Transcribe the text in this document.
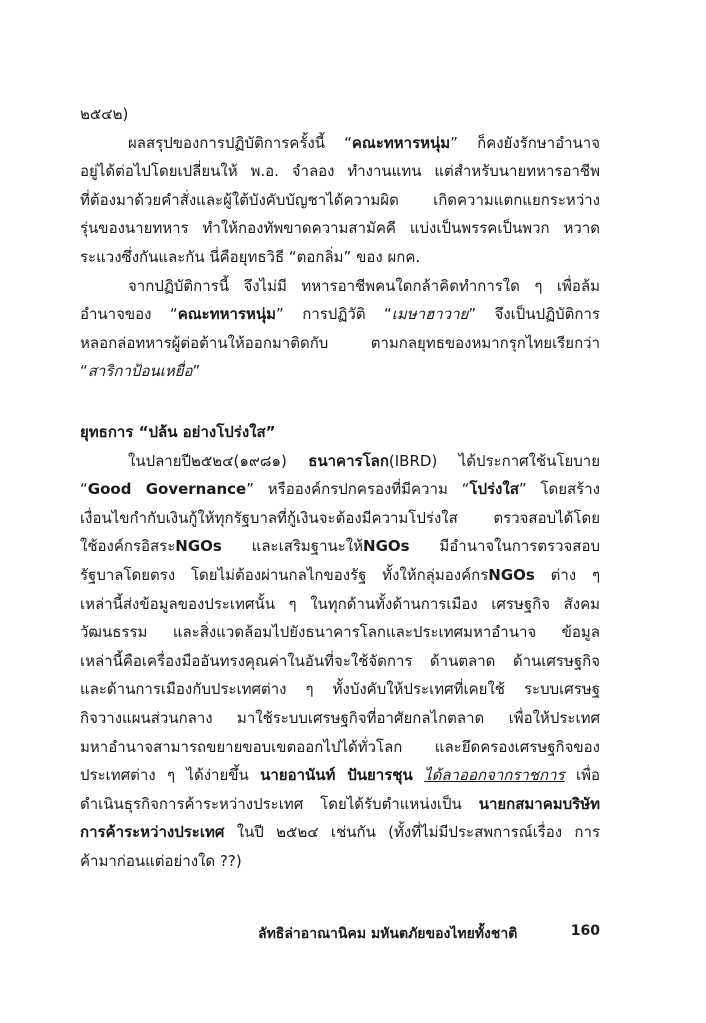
๒๕๔๒)
ผลสรุปของการปฏิบัติการครั้งนี้ “คณะทหารหนุ่ม” ก็คงยังรักษาอำนาจ
อยู่ได้ต่อไปโดยเปลี่ยนให้ พ.อ. จำลอง ทำงานแทน แต่สำหรับนายทหารอาชีพ
ที่ต้องมาด้วยคำสั่งและผู้ใต้บังคับบัญชาได้ความผิด เกิดความแตกแยกระหว่าง
รุ่นของนายทหาร ทำให้กองทัพขาดความสามัคคี แบ่งเป็นพรรคเป็นพวก หวาด
ระแวงซึ่งกันและกัน นี่คือยุทธวิธี “ตอกลิ่ม” ของ ผกค.
จากปฏิบัติการนี้ จึงไม่มี ทหารอาชีพคนใดกล้าคิดทำการใด ๆ เพื่อล้ม
อำนาจของ “คณะทหารหนุ่ม” การปฏิวัติ “เมษาฮาวาย” จึงเป็นปฏิบัติการ
หลอกล่อทหารผู้ต่อต้านให้ออกมาติดกับ ตามกลยุทธของหมากรุกไทยเรียกว่า
“สาริกาป้อนเหยื่อ”
ยุทธการ “ปล้น อย่างโปร่งใส”
ในปลายปี๒๕๒๔(๑๙๘๑) ธนาคารโลก(IBRD) ได้ประกาศใช้นโยบาย
“Good Governance” หรือองค์กรปกครองที่มีความ “โปร่งใส” โดยสร้าง
เงื่อนไขกำกับเงินกู้ให้ทุกรัฐบาลที่กู้เงินจะต้องมีความโปร่งใส ตรวจสอบได้โดย
ใช้องค์กรอิสระNGOs และเสริมฐานะให้NGOs มีอำนาจในการตรวจสอบ
รัฐบาลโดยตรง โดยไม่ต้องผ่านกลไกของรัฐ ทั้งให้กลุ่มองค์กรNGOs ต่าง ๆ
เหล่านี้ส่งข้อมูลของประเทศนั้น ๆ ในทุกด้านทั้งด้านการเมือง เศรษฐกิจ สังคม
วัฒนธรรม และสิ่งแวดล้อมไปยังธนาคารโลกและประเทศมหาอำนาจ ข้อมูล
เหล่านี้คือเครื่องมืออันทรงคุณค่าในอันที่จะใช้จัดการ ด้านตลาด ด้านเศรษฐกิจ
และด้านการเมืองกับประเทศต่าง ๆ ทั้งบังคับให้ประเทศที่เคยใช้ ระบบเศรษฐ
กิจวางแผนส่วนกลาง มาใช้ระบบเศรษฐกิจที่อาศัยกลไกตลาด เพื่อให้ประเทศ
มหาอำนาจสามารถขยายขอบเขตออกไปได้ทั่วโลก และยึดครองเศรษฐกิจของ
ประเทศต่าง ๆ ได้ง่ายขึ้น นายอานันท์ ปันยารชุน ได้ลาออกจากราชการ เพื่อ
ดำเนินธุรกิจการค้าระหว่างประเทศ โดยได้รับตำแหน่งเป็น นายกสมาคมบริษัท
การค้าระหว่างประเทศ ในปี ๒๕๒๔ เช่นกัน (ทั้งที่ไม่มีประสพการณ์เรื่อง การ
ค้ามาก่อนแต่อย่างใด ??)
ลัทธิล่าอาณานิคม มหันตภัยของไทยทั้งชาติ	160
